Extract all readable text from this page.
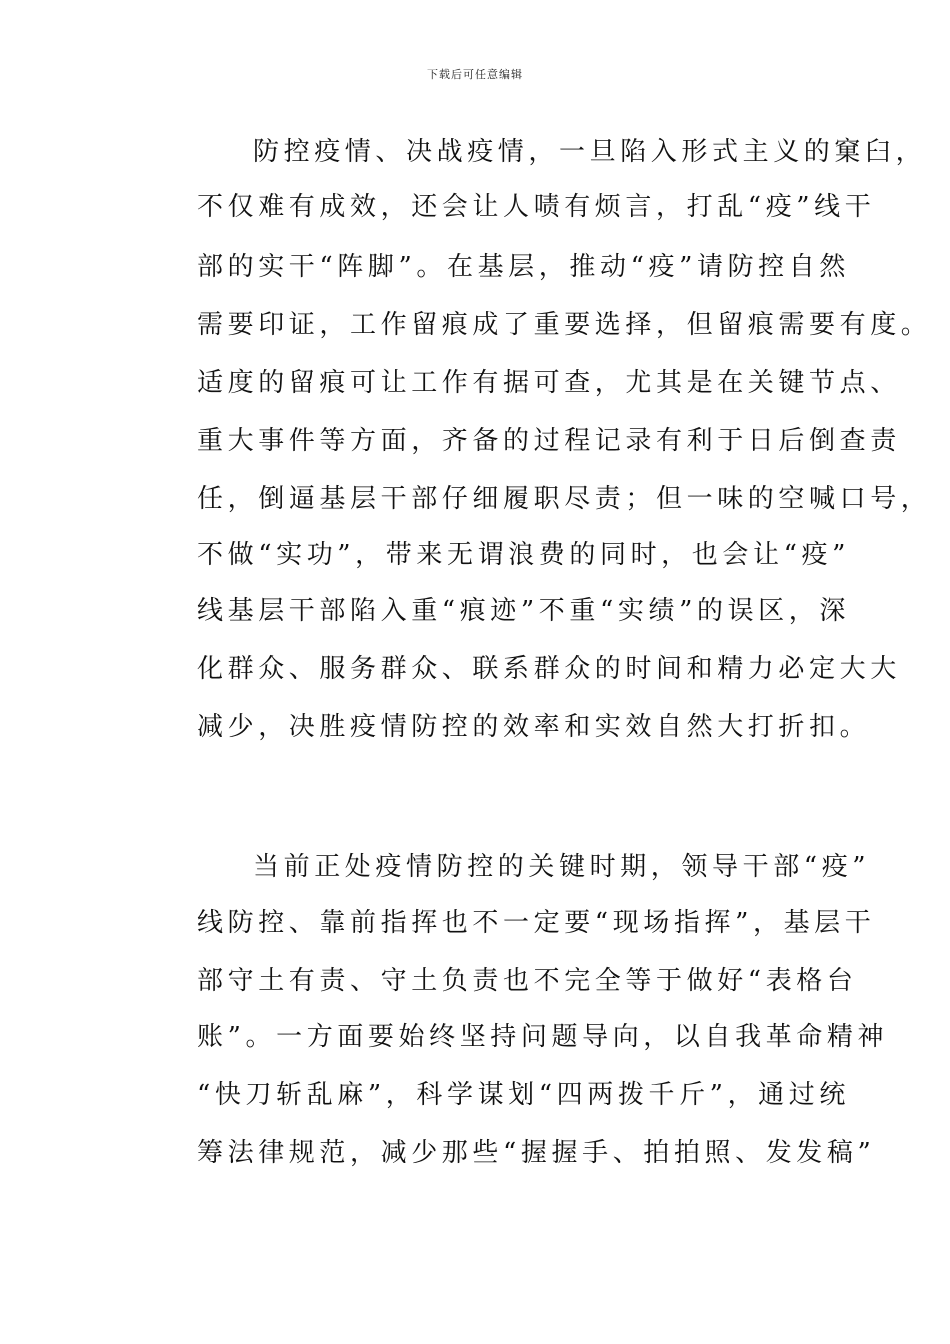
下载后可任意编辑
防控疫情、决战疫情，一旦陷入形式主义的窠臼，
不仅难有成效，还会让人啧有烦言，打乱“疫”线干
部的实干“阵脚”。在基层，推动“疫”请防控自然
需要印证，工作留痕成了重要选择，但留痕需要有度。
适度的留痕可让工作有据可查，尤其是在关键节点、
重大事件等方面，齐备的过程记录有利于日后倒查责
任，倒逼基层干部仔细履职尽责；但一味的空喊口号，
不做“实功”，带来无谓浪费的同时，也会让“疫”
线基层干部陷入重“痕迹”不重“实绩”的误区，深
化群众、服务群众、联系群众的时间和精力必定大大
减少，决胜疫情防控的效率和实效自然大打折扣。
当前正处疫情防控的关键时期，领导干部“疫”
线防控、靠前指挥也不一定要“现场指挥”，基层干
部守土有责、守土负责也不完全等于做好“表格台
账”。一方面要始终坚持问题导向，以自我革命精神
“快刀斩乱麻”，科学谋划“四两拨千斤”，通过统
筹法律规范，减少那些“握握手、拍拍照、发发稿”
